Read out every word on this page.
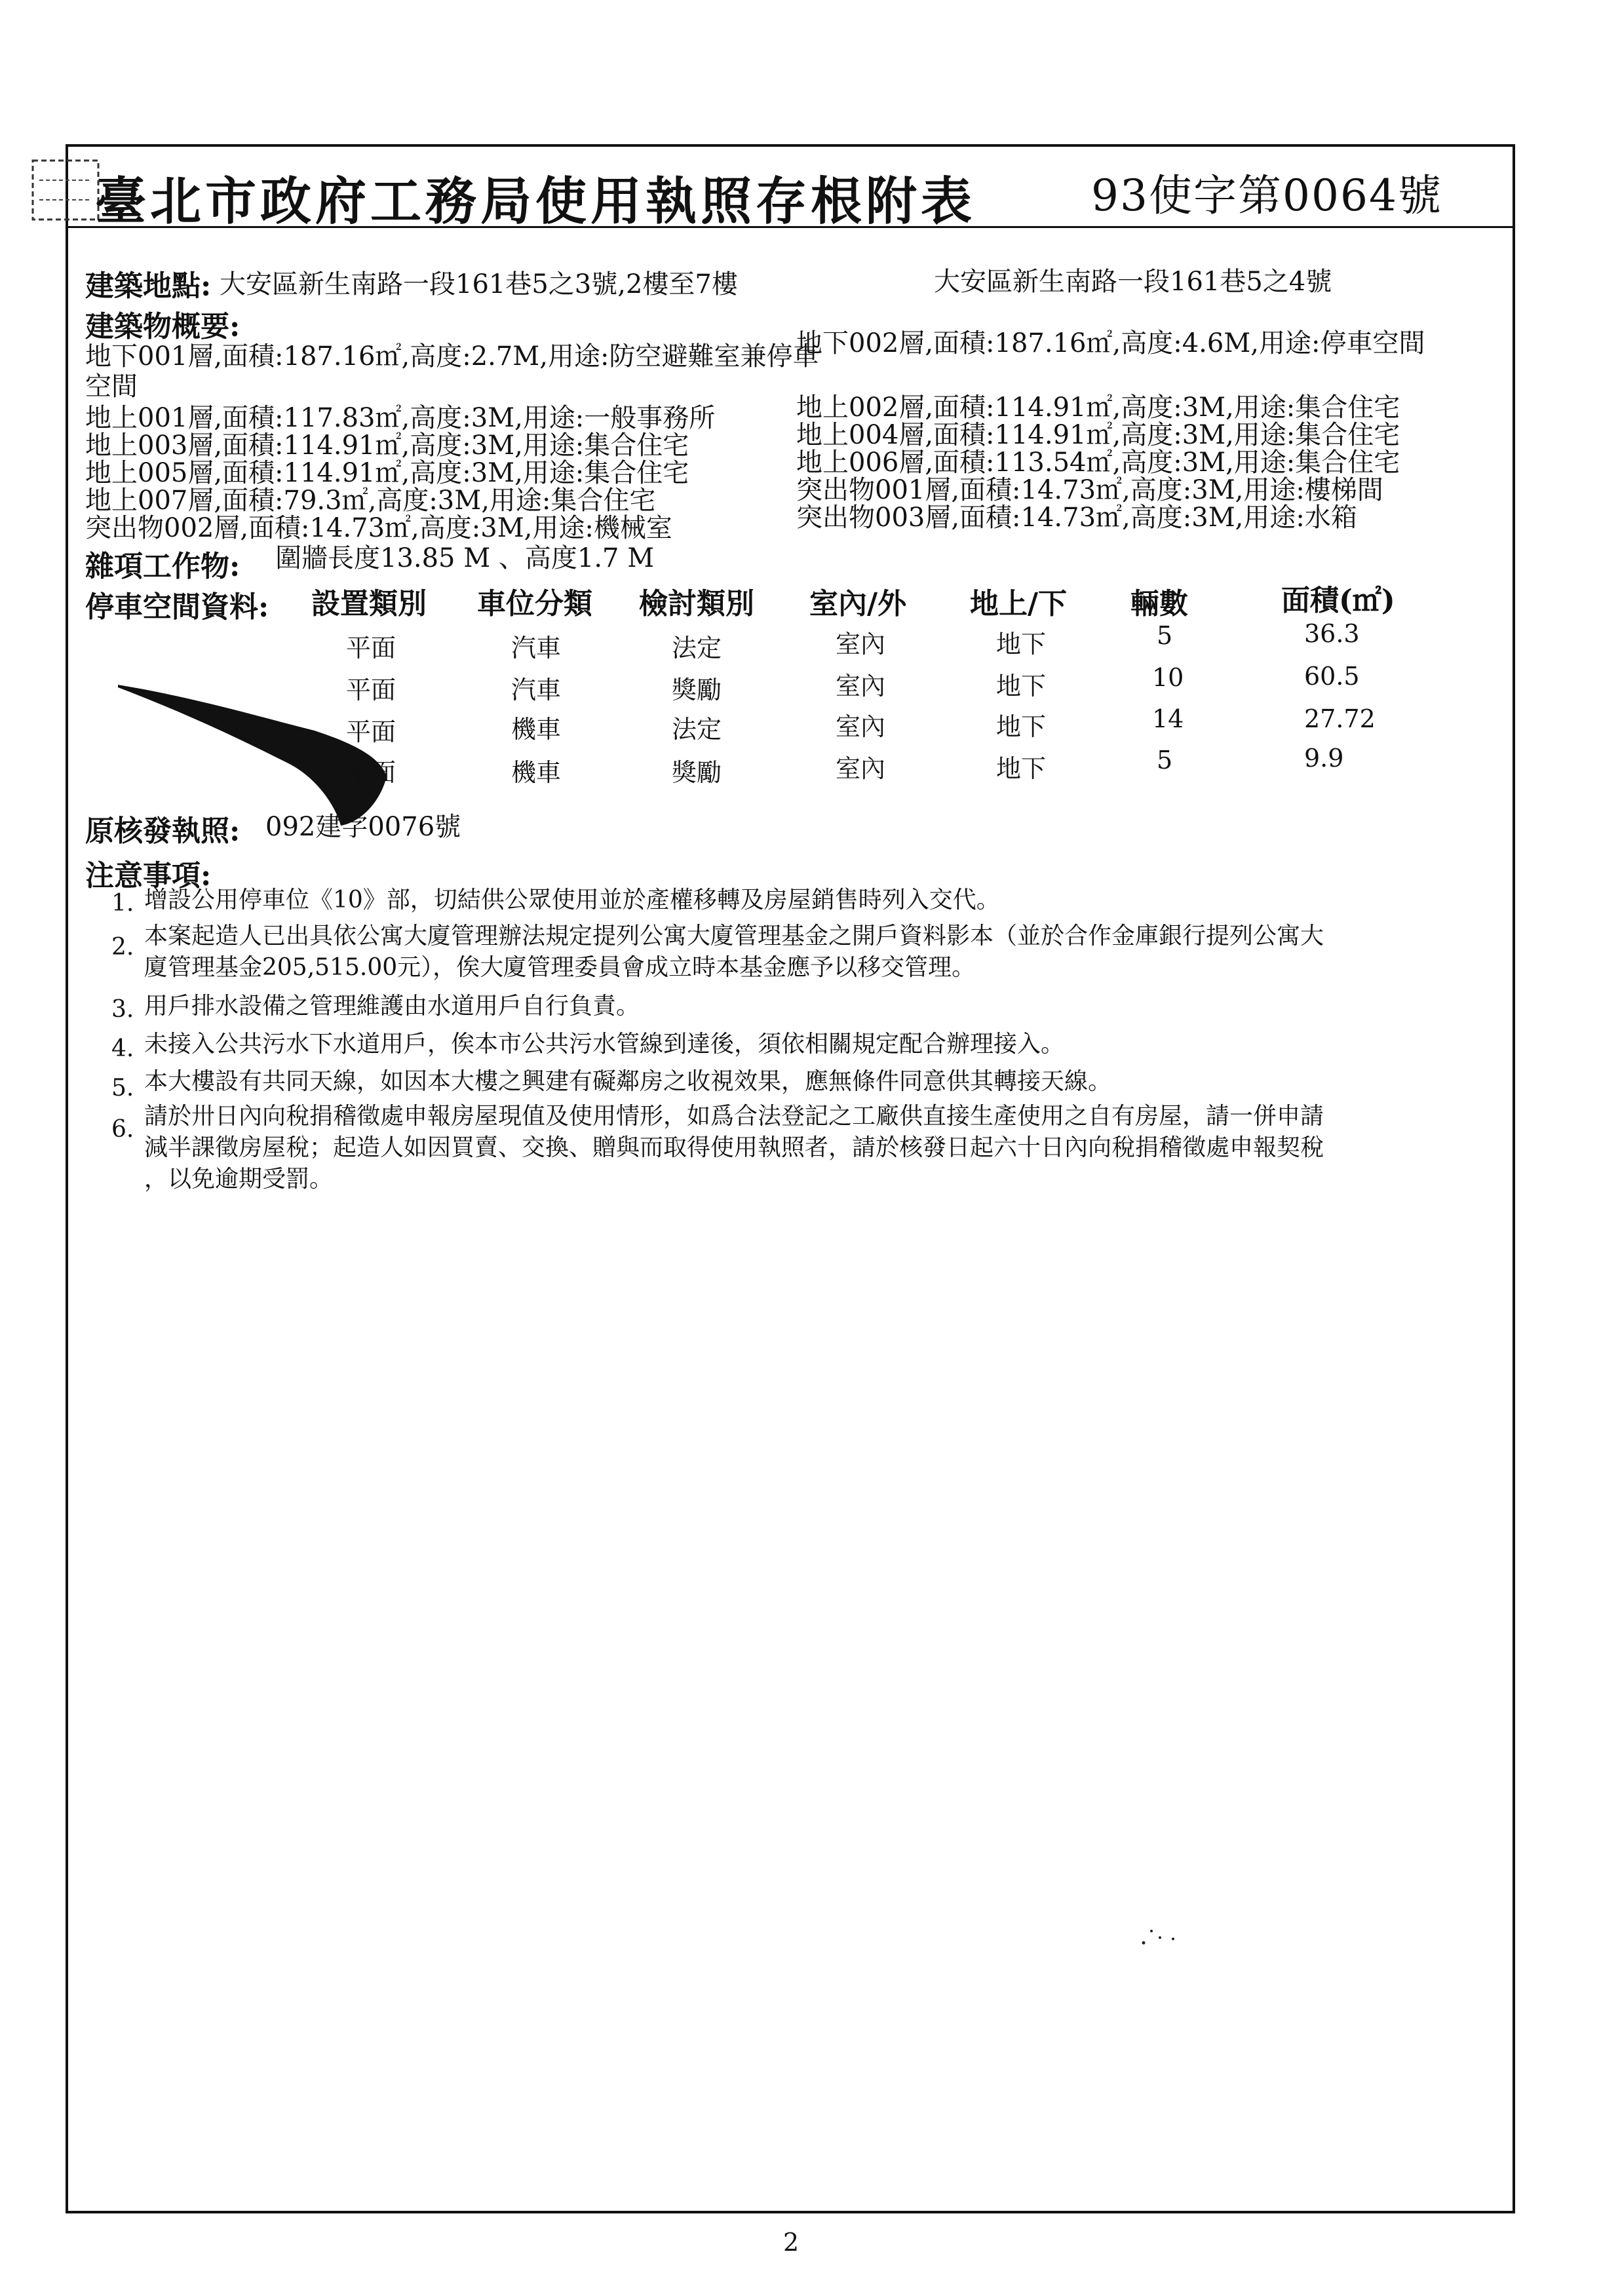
臺北市政府工務局使用執照存根附表	93使字第0064號
建築地點: 大安區新生南路一段161巷5之3號,2樓至7樓	大安區新生南路一段161巷5之4號
建築物概要:
地下001層,面積:187.16㎡,高度:2.7M,用途:防空避難室兼停車
地下002層,面積:187.16㎡,高度:4.6M,用途:停車空間
空間
地上001層,面積:117.83㎡,高度:3M,用途:一般事務所
地上003層,面積:114.91㎡,高度:3M,用途:集合住宅
地上005層,面積:114.91㎡,高度:3M,用途:集合住宅
地上007層,面積:79.3㎡,高度:3M,用途:集合住宅
突出物002層,面積:14.73㎡,高度:3M,用途:機械室
地上002層,面積:114.91㎡,高度:3M,用途:集合住宅
地上004層,面積:114.91㎡,高度:3M,用途:集合住宅
地上006層,面積:113.54㎡,高度:3M,用途:集合住宅
突出物001層,面積:14.73㎡,高度:3M,用途:樓梯間
突出物003層,面積:14.73㎡,高度:3M,用途:水箱
雜項工作物: 圍牆長度13.85 M 、高度1.7 M
停車空間資料: 設置類別 車位分類 檢討類別 室內/外 地上/下 輛數	面積(㎡)
平面	汽車	法定	室內	地下	5	36.3
平面	汽車	獎勵	室內	地下	10	60.5
平面	機車	法定	室內	地下	14	27.72
平面	機車	獎勵	室內	地下	5	9.9
原核發執照: 092建字0076號
注意事項:
1. 增設公用停車位《10》部，切結供公眾使用並於產權移轉及房屋銷售時列入交代。
2. 本案起造人已出具依公寓大廈管理辦法規定提列公寓大廈管理基金之開戶資料影本（並於合作金庫銀行提列公寓大
廈管理基金205,515.00元），俟大廈管理委員會成立時本基金應予以移交管理。
3. 用戶排水設備之管理維護由水道用戶自行負責。
4. 未接入公共污水下水道用戶，俟本市公共污水管線到達後，須依相關規定配合辦理接入。
5. 本大樓設有共同天線，如因本大樓之興建有礙鄰房之收視效果，應無條件同意供其轉接天線。
6. 請於卅日內向稅捐稽徵處申報房屋現值及使用情形，如爲合法登記之工廠供直接生產使用之自有房屋，請一併申請
減半課徵房屋稅；起造人如因買賣、交換、贈與而取得使用執照者，請於核發日起六十日內向稅捐稽徵處申報契稅
，以免逾期受罰。
2
